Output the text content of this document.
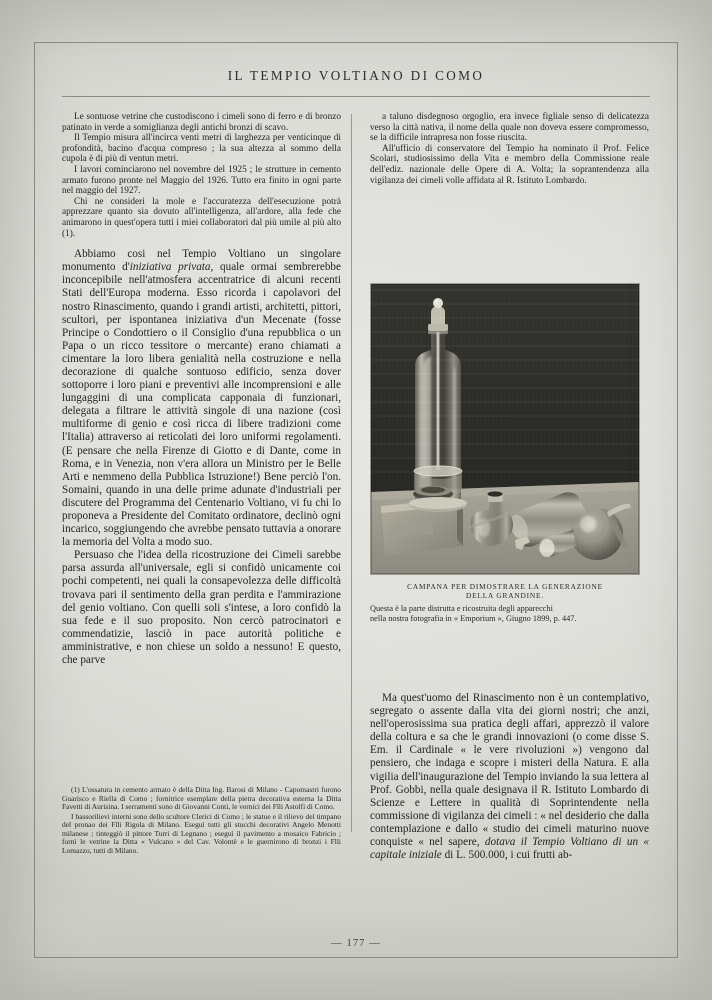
IL TEMPIO VOLTIANO DI COMO

Le sontuose vetrine che custodiscono i cimeli sono di ferro e di bronzo patinato in verde a somiglianza degli antichi bronzi di scavo.

Il Tempio misura all'incirca venti metri di larghezza per venticinque di profondità, bacino d'acqua compreso ; la sua altezza al sommo della cupola è di più di ventun metri.

I lavori cominciarono nel novembre del 1925 ; le strutture in cemento armato furono pronte nel Maggio del 1926. Tutto era finito in ogni parte nel maggio del 1927.

Chi ne consideri la mole e l'accuratezza dell'esecuzione potrà apprezzare quanto sia dovuto all'intelligenza, all'ardore, alla fede che animarono in quest'opera tutti i miei collaboratori dal più umile al più alto (1).

Abbiamo cosi nel Tempio Voltiano un singolare monumento d'iniziativa privata, quale ormai sembrerebbe inconcepibile nell'atmosfera accentratrice di alcuni recenti Stati dell'Europa moderna. Esso ricorda i capolavori del nostro Rinascimento, quando i grandi artisti, architetti, pittori, scultori, per ispontanea iniziativa d'un Mecenate (fosse Principe o Condottiero o il Consiglio d'una repubblica o un Papa o un ricco tessitore o mercante) erano chiamati a cimentare la loro libera genialità nella costruzione e nella decorazione di qualche sontuoso edificio, senza dover sottoporre i loro piani e preventivi alle incomprensioni e alle lungaggini di una complicata capponaia di funzionari, delegata a filtrare le attività singole di una nazione (così multiforme di genio e così ricca di libere tradizioni come l'Italia) attraverso ai reticolati dei loro uniformi regolamenti. (E pensare che nella Firenze di Giotto e di Dante, come in Roma, e in Venezia, non v'era allora un Ministro per le Belle Arti e nemmeno della Pubblica Istruzione!) Bene perciò l'on. Somaini, quando in una delle prime adunate d'industriali per discutere del Programma del Centenario Voltiano, vi fu chi lo proponeva a Presidente del Comitato ordinatore, declinò ogni incarico, soggiungendo che avrebbe pensato tuttavia a onorare la memoria del Volta a modo suo.

Persuaso che l'idea della ricostruzione dei Cimeli sarebbe parsa assurda all'universale, egli si confidò unicamente coi pochi competenti, nei quali la consapevolezza delle difficoltà trovava pari il sentimento della gran perdita e l'ammirazione del genio voltiano. Con quelli soli s'intese, a loro confidò la sua fede e il suo proposito. Non cercò patrocinatori e commendatizie, lasciò in pace autorità politiche e amministrative, e non chiese un soldo a nessuno! E questo, che parve

(1) L'ossatura in cemento armato è della Ditta Ing. Barosi di Milano - Capomastri furono Guarisco e Riella di Como ; fornitrice esemplare della pietra decorativa esterna la Ditta Favetti di Aurisina. I serramenti sono di Giovanni Conti, le vernici dei Flli Astolfi di Como.

I bassorilievi interni sono dello scultore Clerici di Como ; le statue e il rilievo del timpano del pronao dei Flli Rigola di Milano. Eseguì tutti gli stucchi decorativi Angelo Menotti milanese ; tinteggiò il pittore Turri di Legnano ; eseguì il pavimento a mosaico Fabricio ; fornì le vetrine la Ditta « Vulcano » del Cav. Volontè e le guernirono di bronzi i Flli Lomazzo, tutti di Milano.

a taluno disdegnoso orgoglio, era invece figliale senso di delicatezza verso la città nativa, il nome della quale non doveva essere compromesso, se la difficile intrapresa non fosse riuscita.

All'ufficio di conservatore del Tempio ha nominato il Prof. Felice Scolari, studiosissimo della Vita e membro della Commissione reale dell'ediz. nazionale delle Opere di A. Volta; la soprantendenza alla vigilanza dei cimeli volle affidata al R. Istituto Lombardo.

CAMPANA PER DIMOSTRARE LA GENERAZIONE
DELLA GRANDINE.
Questa è la parte distrutta e ricostruita degli apparecchi
nella nostra fotografia in « Emporium », Giugno 1899, p. 447.

Ma quest'uomo del Rinascimento non è un contemplativo, segregato o assente dalla vita dei giorni nostri; che anzi, nell'operosissima sua pratica degli affari, apprezzò il valore della coltura e sa che le grandi innovazioni (o come disse S. Em. il Cardinale « le vere rivoluzioni ») vengono dal pensiero, che indaga e scopre i misteri della Natura. E alla vigilia dell'inaugurazione del Tempio inviando la sua lettera al Prof. Gobbi, nella quale designava il R. Istituto Lombardo di Scienze e Lettere in qualità di Soprintendente nella commissione di vigilanza dei cimeli : « nel desiderio che dalla contemplazione e dallo « studio dei cimeli maturino nuove conquiste « nel sapere, dotava il Tempio Voltiano di un « capitale iniziale di L. 500.000, i cui frutti ab-

— 177 —
